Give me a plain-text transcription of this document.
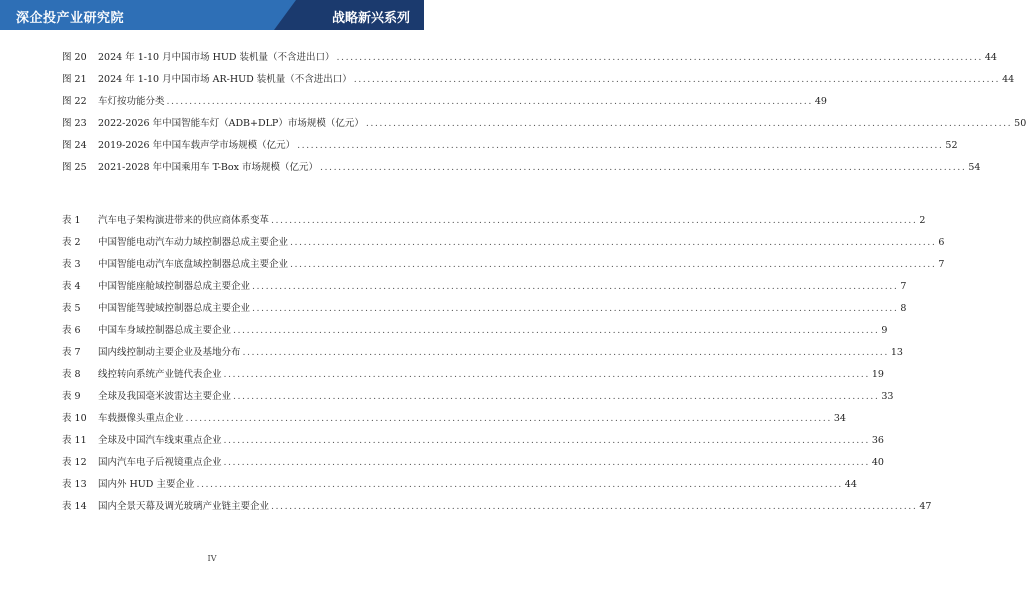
深企投产业研究院	战略新兴系列
图 20 2024 年 1-10 月中国市场 HUD 装机量（不含进出口） .....	44
图 21 2024 年 1-10 月中国市场 AR-HUD 装机量（不含进出口） .....	44
图 22 车灯按功能分类 .....	49
图 23 2022-2026 年中国智能车灯（ADB+DLP）市场规模（亿元） .....	50
图 24 2019-2026 年中国车载声学市场规模（亿元） .....	52
图 25 2021-2028 年中国乘用车 T-Box 市场规模（亿元） .....	54
表 1 汽车电子架构演进带来的供应商体系变革 .....	2
表 2 中国智能电动汽车动力域控制器总成主要企业 .....	6
表 3 中国智能电动汽车底盘域控制器总成主要企业 .....	7
表 4 中国智能座舱域控制器总成主要企业 .....	7
表 5 中国智能驾驶域控制器总成主要企业 .....	8
表 6 中国车身域控制器总成主要企业 .....	9
表 7 国内线控制动主要企业及基地分布 .....	13
表 8 线控转向系统产业链代表企业 .....	19
表 9 全球及我国毫米波雷达主要企业 .....	33
表 10 车载摄像头重点企业 .....	34
表 11 全球及中国汽车线束重点企业 .....	36
表 12 国内汽车电子后视镜重点企业 .....	40
表 13 国内外 HUD 主要企业 .....	44
表 14 国内全景天幕及调光玻璃产业链主要企业 .....	47
IV
